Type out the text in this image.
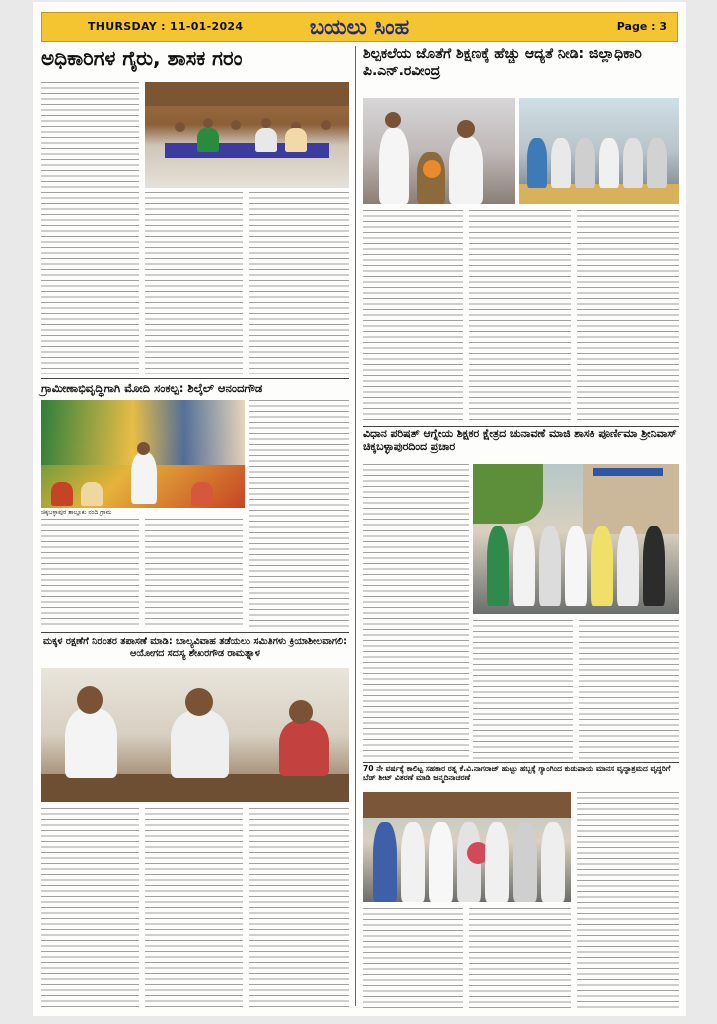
THURSDAY : 11-01-2024	ಬಯಲು ಸಿಂಹ	Page : 3
ಅಧಿಕಾರಿಗಳ ಗೈರು, ಶಾಸಕ ಗರಂ
ಗ್ರಾಮೀಣಾಭಿವೃದ್ಧಿಗಾಗಿ ಮೋದಿ ಸಂಕಲ್ಪ: ಶಿಲ್ಕೆಲ್ ಆನಂದಗೌಡ
ಚಿಕ್ಕಬಳ್ಳಾಪುರ ತಾಲ್ಲೂಕು ನಂದಿ ಗ್ರಾಮ
ಮಕ್ಕಳ ರಕ್ಷಣೆಗೆ ನಿರಂತರ ತಪಾಸಣೆ ಮಾಡಿ: ಬಾಲ್ಯವಿವಾಹ ತಡೆಯಲು ಸಮಿತಿಗಳು ಕ್ರಿಯಾಶೀಲವಾಗಲಿ: ಆಯೋಗದ ಸದಸ್ಯ ಶೇಖರಗೌಡ ರಾಮತ್ನಾಳ
ಶಿಲ್ಪಕಲೆಯ ಜೊತೆಗೆ ಶಿಕ್ಷಣಕ್ಕೆ ಹೆಚ್ಚು ಆದ್ಯತೆ ನೀಡಿ: ಜಿಲ್ಲಾಧಿಕಾರಿ ಪಿ.ಎನ್.ರವೀಂದ್ರ
ವಿಧಾನ ಪರಿಷತ್ ಆಗ್ನೇಯ ಶಿಕ್ಷಕರ ಕ್ಷೇತ್ರದ ಚುನಾವಣೆ ಮಾಜಿ ಶಾಸಕಿ ಪೂರ್ಣಿಮಾ ಶ್ರೀನಿವಾಸ್ ಚಿಕ್ಕಬಳ್ಳಾಪುರದಿಂದ ಪ್ರಚಾರ
70 ನೇ ವರ್ಷಕ್ಕೆ ಕಾಲಿಟ್ಟ ಸಹಕಾರ ರತ್ನ ಕೆ.ವಿ.ನಾಗರಾಜ್ ಹುಟ್ಟು ಹಬ್ಬಕ್ಕೆ ಗ್ಯಾಂಗಿಂದ ಕುಡುಪಾಯ ಮಾನಸ ವೃದ್ಧಾಶ್ರಮದ ವೃದ್ಧರಿಗೆ ಬೆಡ್ ಶೀಟ್ ವಿತರಣೆ ಮಾಡಿ ಜನ್ಮದಿನಾಚರಣೆ
